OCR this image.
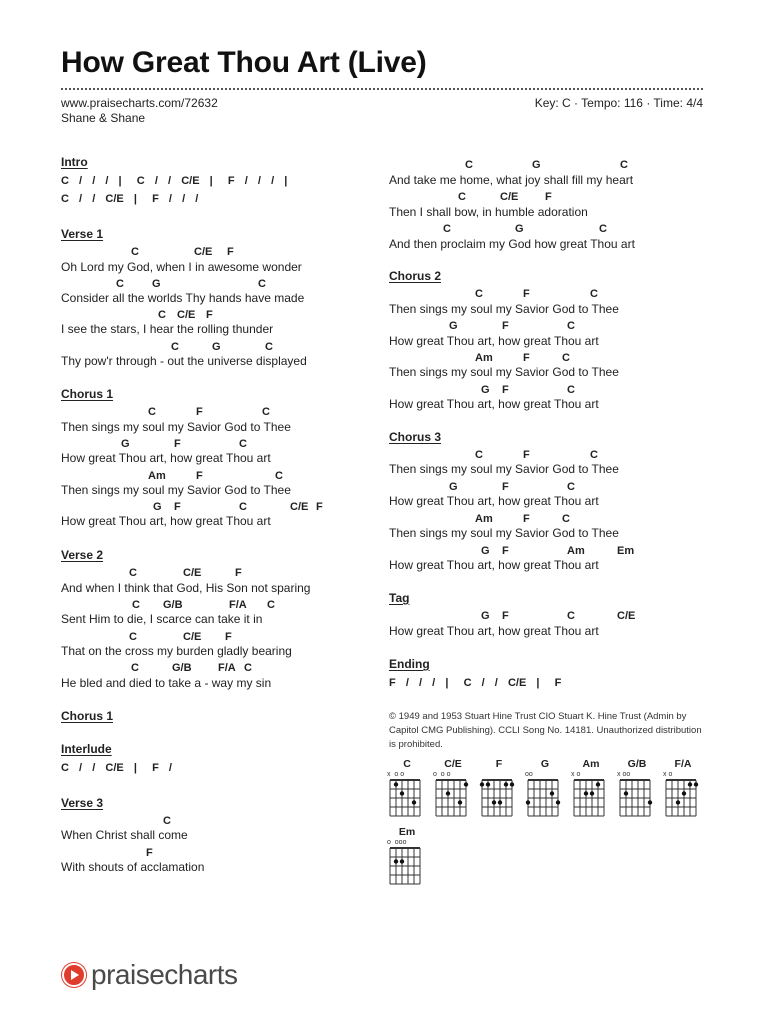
How Great Thou Art (Live)
www.praisecharts.com/72632
Shane & Shane
Key: C · Tempo: 116 · Time: 4/4
Intro
C  /  /  /  |   C  /  /  C/E  |   F  /  /  /  |
C  /  /  C/E  |   F  /  /  /
Verse 1

C

	C/E

F

Oh Lord my God, when I in awesome wonder

C

	G

	C

Consider all the worlds Thy hands have made

C

C/E

F

I see the stars, I hear the rolling thunder

C

	G

	C

Thy pow'r through - out the universe displayed
Chorus 1

C

	F

	C

Then sings my soul my Savior God to Thee

G

	F

	C

How great Thou art, how great Thou art

Am

	F

	C

Then sings my soul my Savior God to Thee

G

F

	C

	C/E

F

How great Thou art, how great Thou art
Verse 2

C

	C/E

	F

And when I think that God, His Son not sparing

C

G/B

	F/A

C

Sent Him to die, I scarce can take it in

C

	C/E

F

That on the cross my burden gladly bearing

C

	G/B

F/A

C

He bled and died to take a - way my sin
Chorus 1
Interlude
C  /  /  C/E  |   F  /
Verse 3

C

When Christ shall come

F

With shouts of acclamation

C

	G

	C

And take me home, what joy shall fill my heart

C

	C/E

F

Then I shall bow, in humble adoration

C

	G

	C

And then proclaim my God how great Thou art
Chorus 2

C

	F

	C

Then sings my soul my Savior God to Thee

G

	F

	C

How great Thou art, how great Thou art

Am

	F

	C

Then sings my soul my Savior God to Thee

G

F

	C

How great Thou art, how great Thou art
Chorus 3

C

	F

	C

Then sings my soul my Savior God to Thee

G

	F

	C

How great Thou art, how great Thou art

Am

	F

	C

Then sings my soul my Savior God to Thee

G

F

	Am

	Em

How great Thou art, how great Thou art
Tag

G

F

	C

	C/E

How great Thou art, how great Thou art
Ending
F  /  /  /  |   C  /  /  C/E  |   F
© 1949 and 1953 Stuart Hine Trust CIO Stuart K. Hine Trust (Admin by Capitol CMG Publishing). CCLI Song No. 14181. Unauthorized distribution is prohibited.
C
x  o o
C/E
o  o o
F	G
oo
Am
x o
G/B
x oo
F/A
x o
Em
o  ooo
praisecharts
